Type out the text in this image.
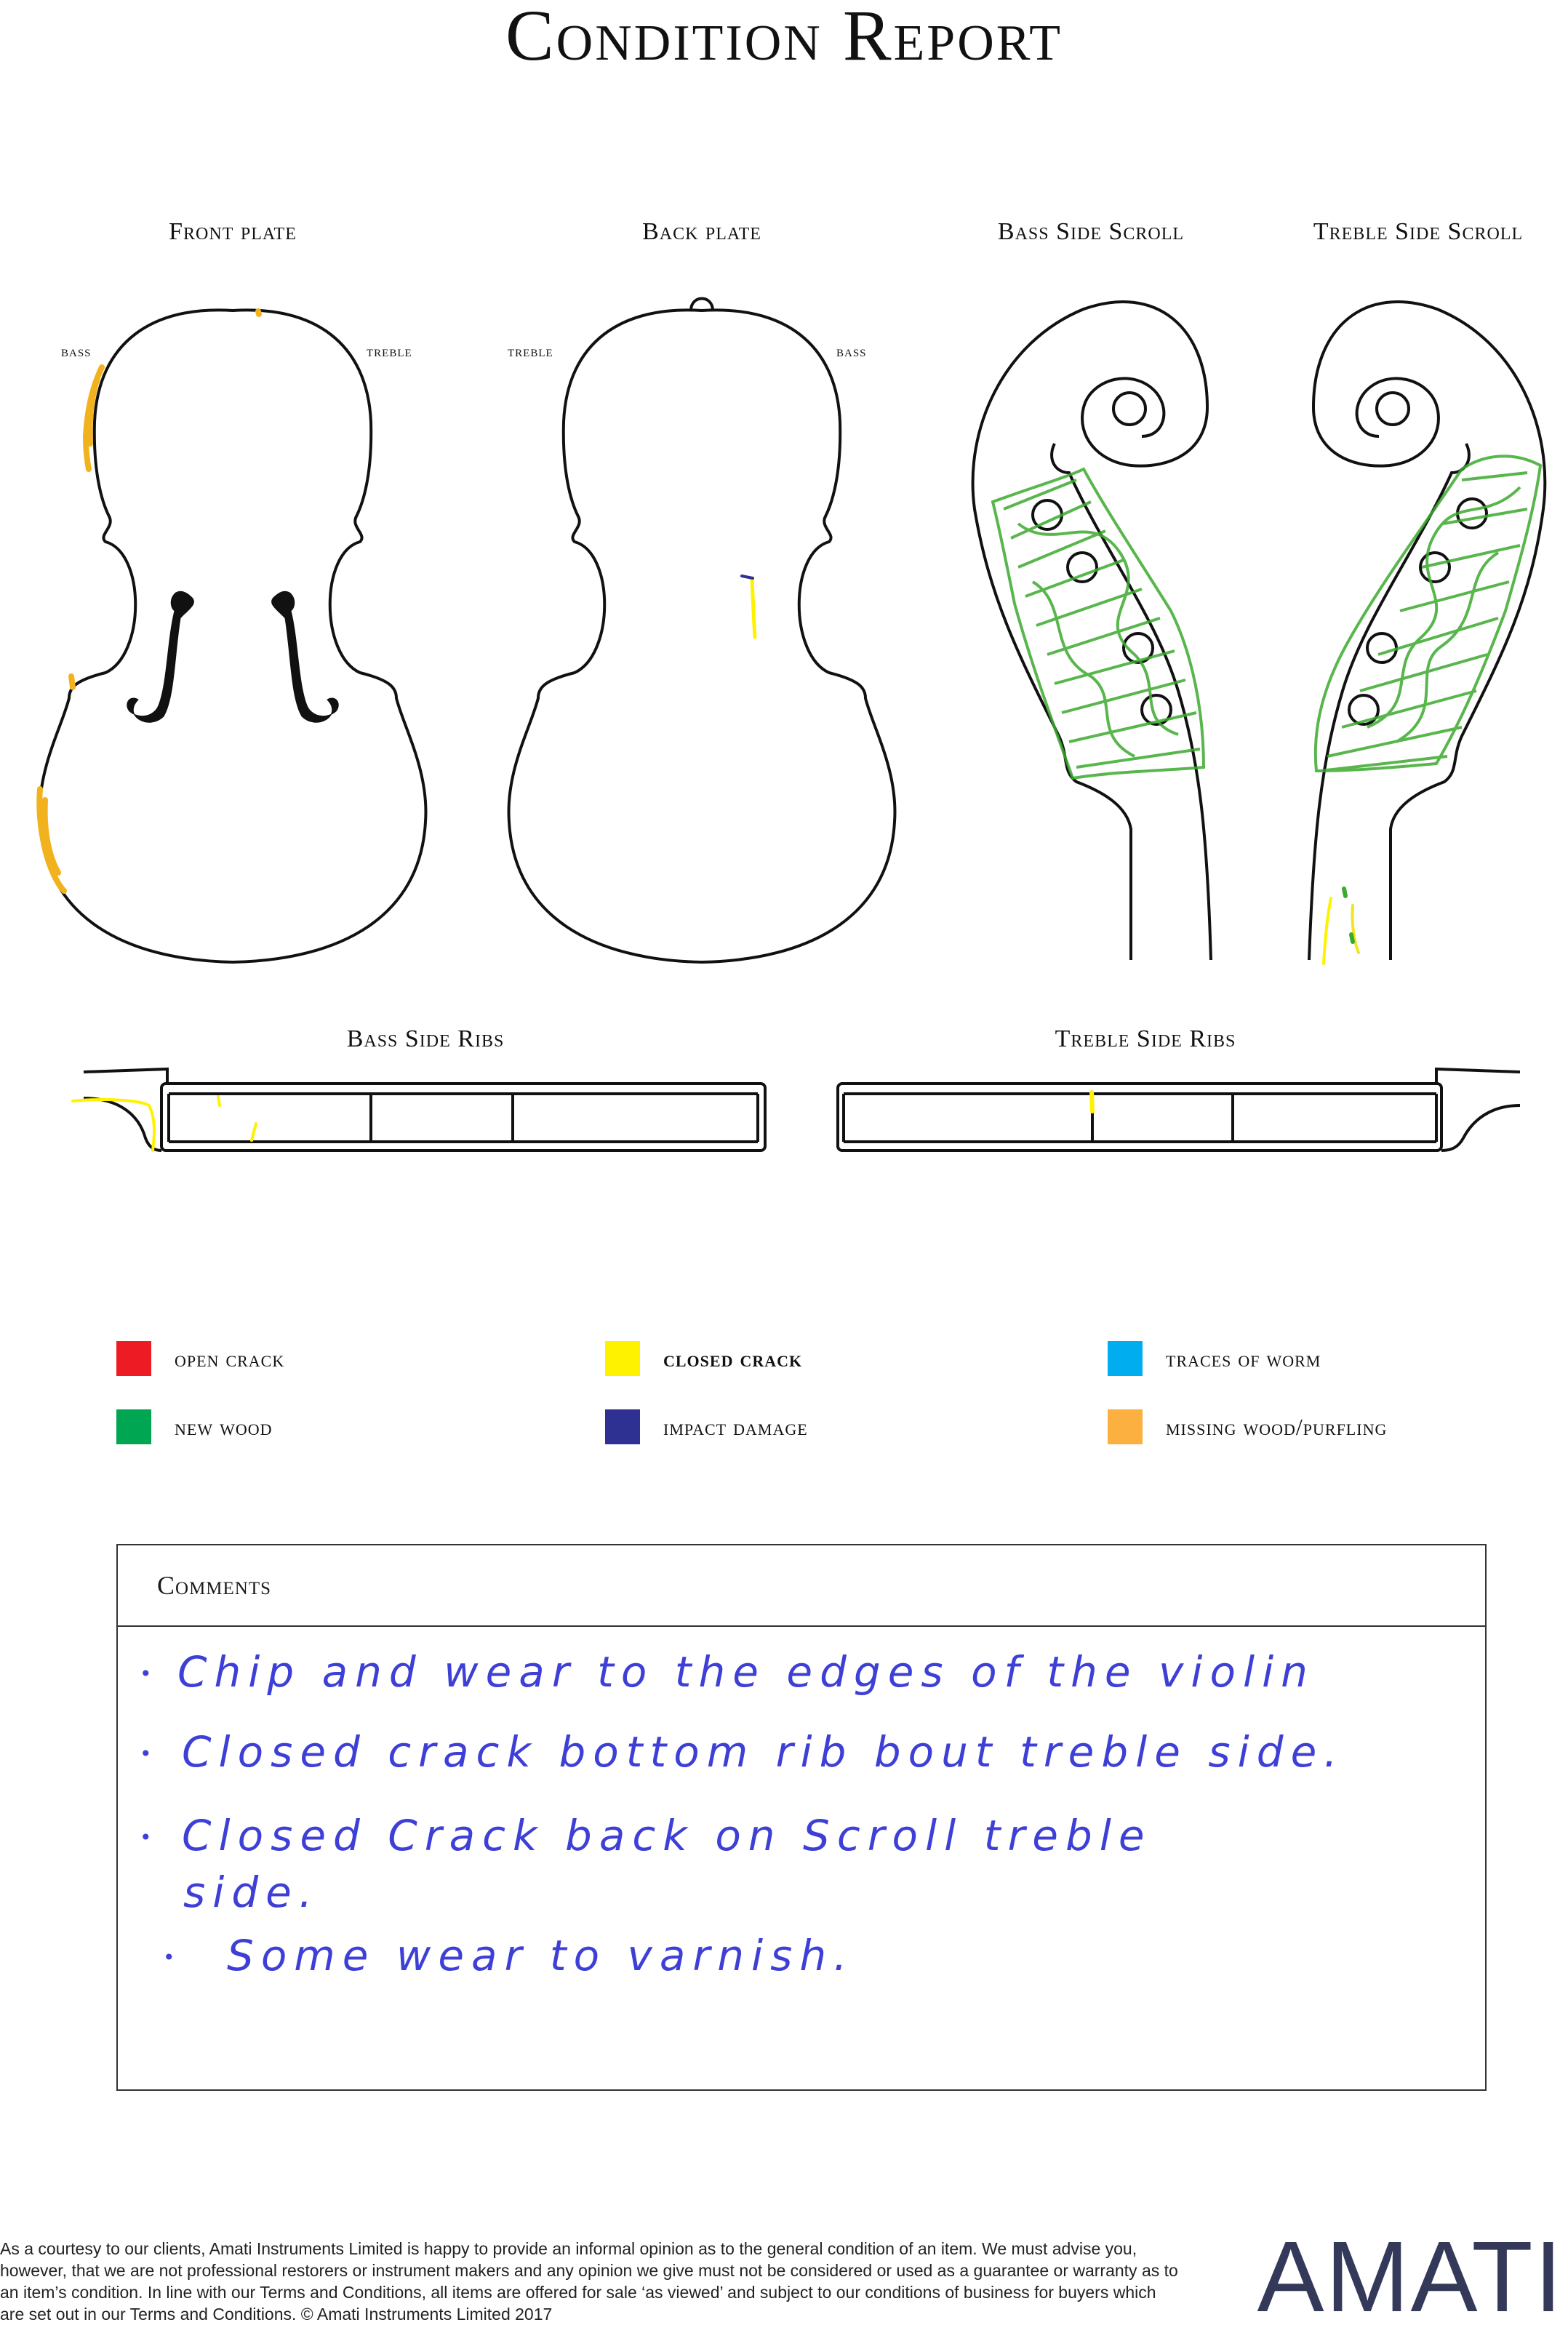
Condition Report
Front plate	Back plate	Bass Side Scroll	Treble Side Scroll
Bass Side Ribs	Treble Side Ribs
bass	treble	treble	bass
open crack	closed crack	traces of worm
new wood	impact damage	missing wood/purfling
Comments
• Chip and wear to the edges of the violin
• Closed crack bottom rib bout treble side.
• Closed Crack back on Scroll treble
side.
• Some wear to varnish.
As a courtesy to our clients, Amati Instruments Limited is happy to provide an informal opinion as to the general condition of an item. We must advise you, however, that we are not professional restorers or instrument makers and any opinion we give must not be considered or used as a guarantee or warranty as to an item’s condition. In line with our Terms and Conditions, all items are offered for sale ‘as viewed’ and subject to our conditions of business for buyers which are set out in our Terms and Conditions. © Amati Instruments Limited 2017	AMATI
